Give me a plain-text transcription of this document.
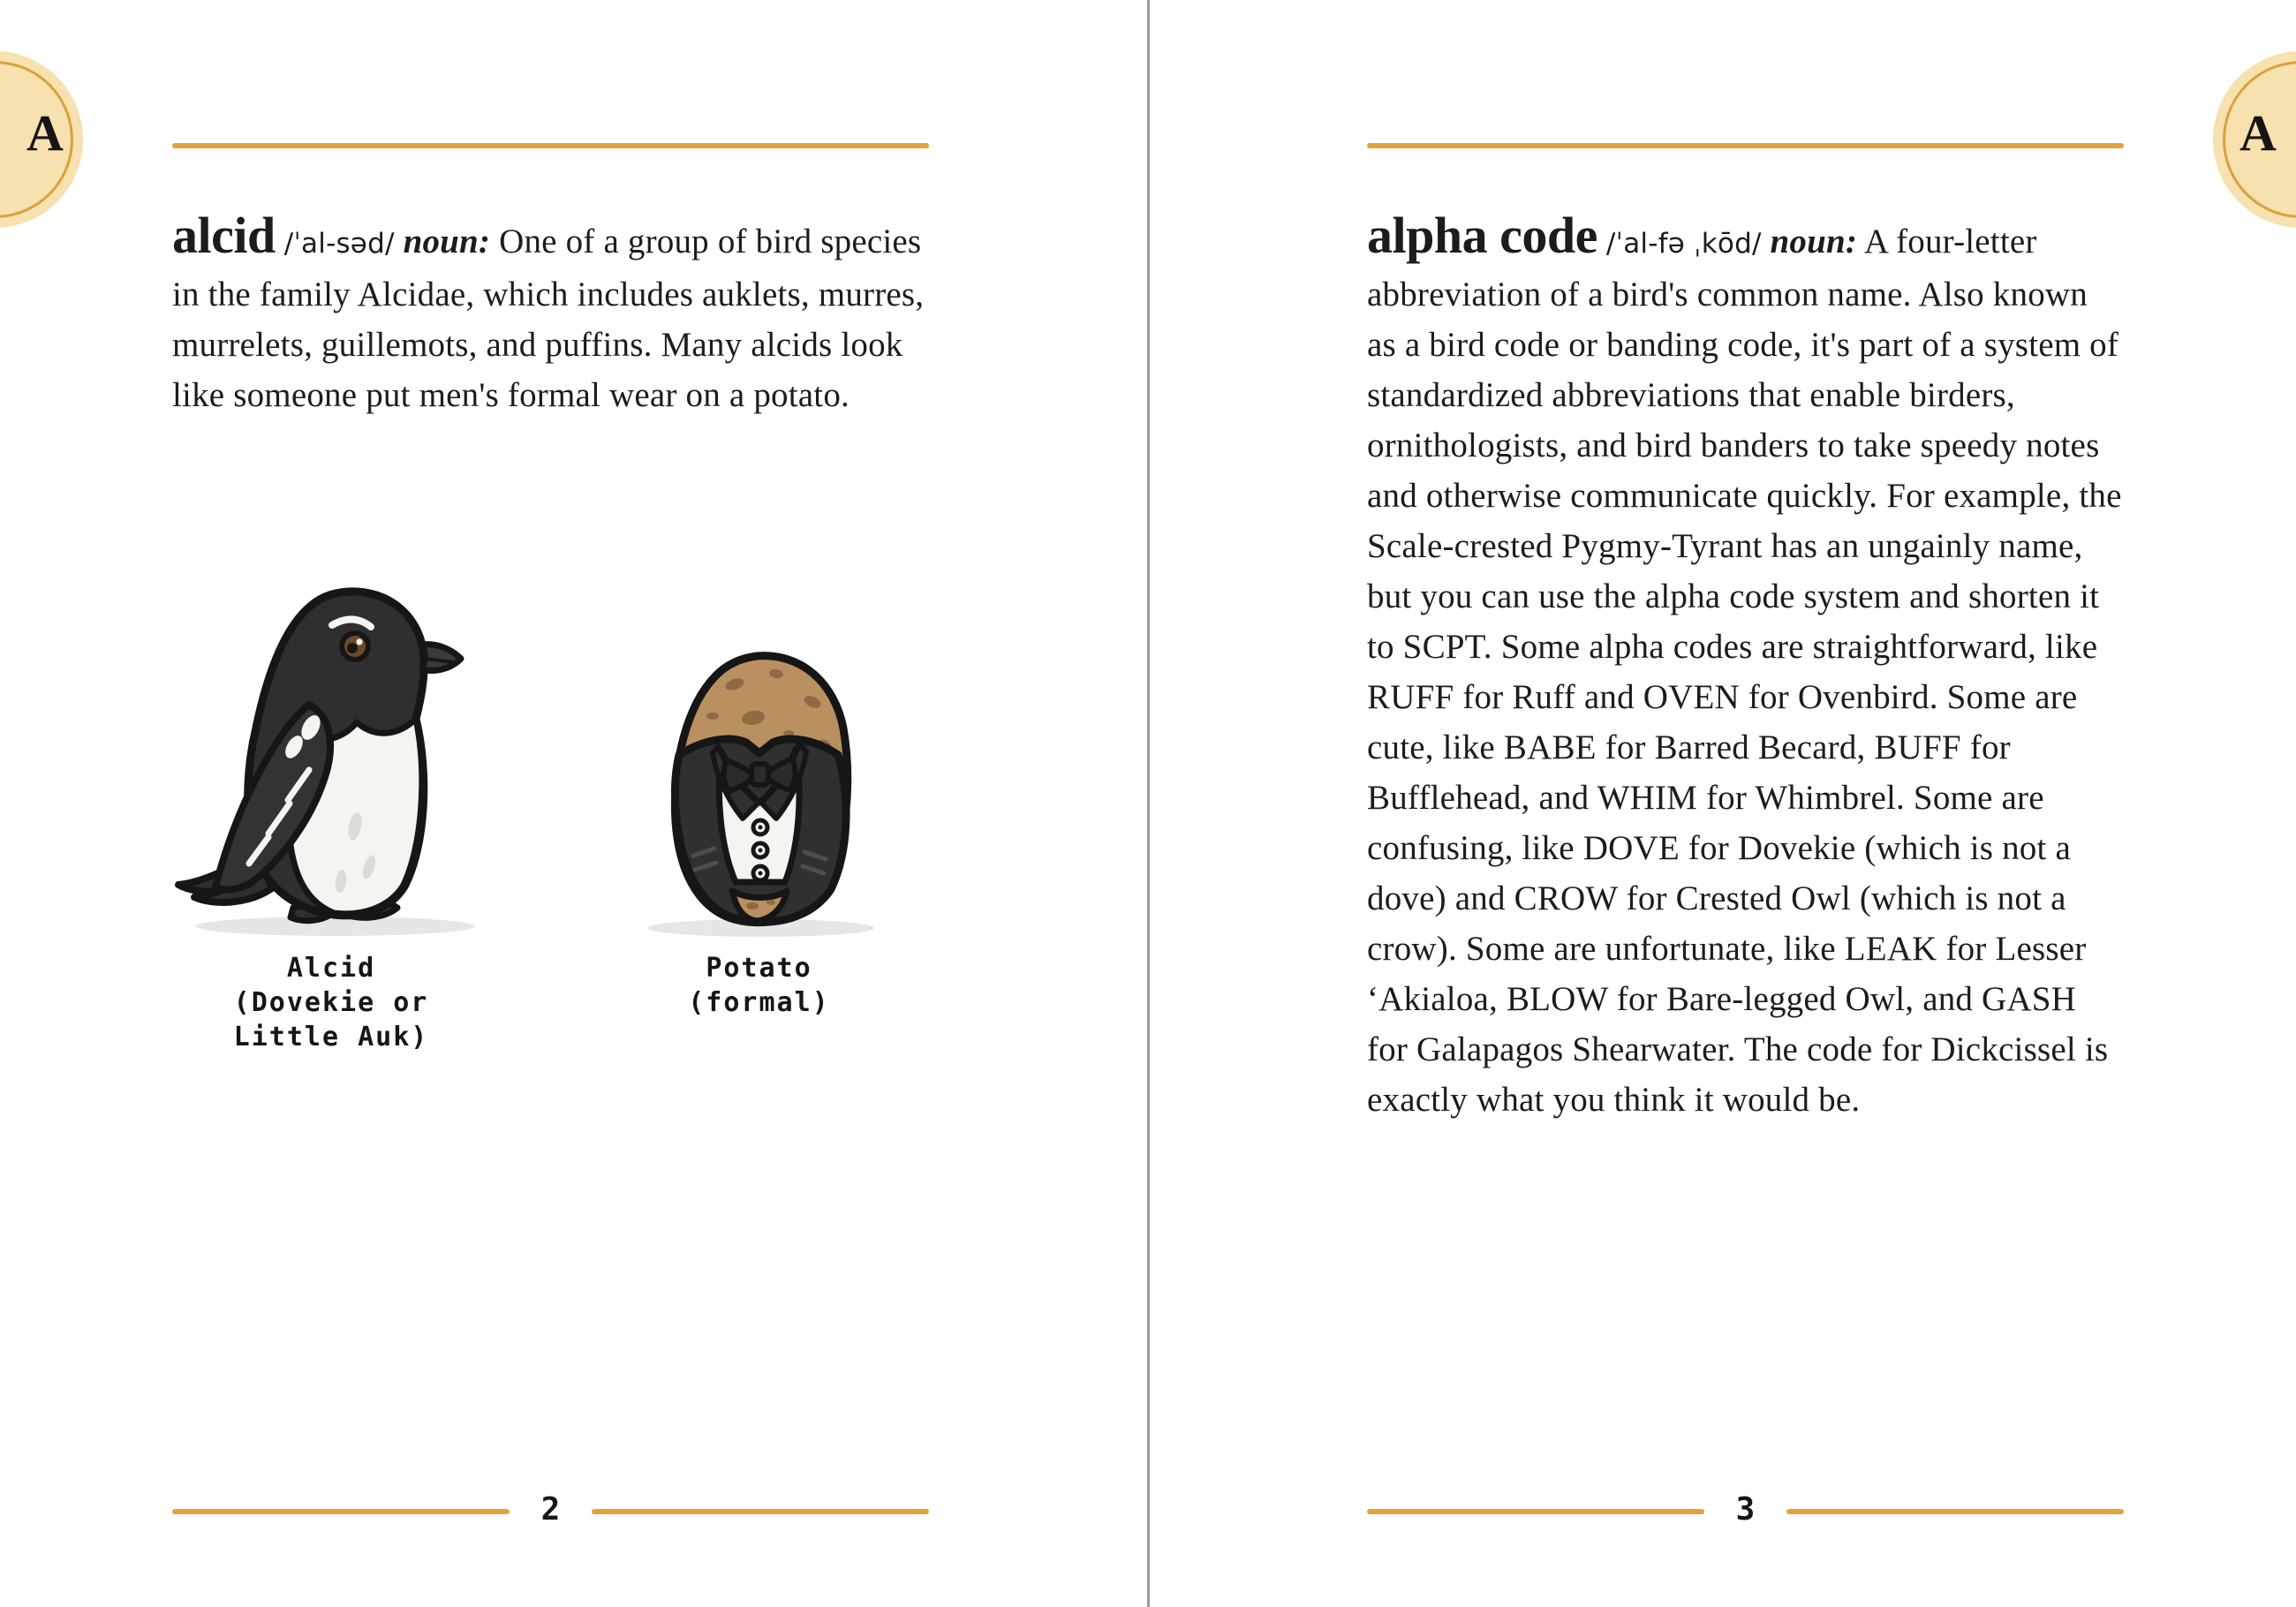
A

alcid /ˈal-səd/ noun: One of a group of bird species in the family Alcidae, which includes auklets, murres, murrelets, guillemots, and puffins. Many alcids look like someone put men's formal wear on a potato.

Alcid
(Dovekie or
Little Auk)
Potato
(formal)
2
A

alpha code /ˈal-fə ˌkōd/ noun: A four-letter abbreviation of a bird's common name. Also known as a bird code or banding code, it's part of a system of standardized abbreviations that enable birders, ornithologists, and bird banders to take speedy notes and otherwise communicate quickly. For example, the Scale-crested Pygmy-Tyrant has an ungainly name, but you can use the alpha code system and shorten it to SCPT. Some alpha codes are straightforward, like RUFF for Ruff and OVEN for Ovenbird. Some are cute, like BABE for Barred Becard, BUFF for Bufflehead, and WHIM for Whimbrel. Some are confusing, like DOVE for Dovekie (which is not a dove) and CROW for Crested Owl (which is not a crow). Some are unfortunate, like LEAK for Lesser ʻAkialoa, BLOW for Bare-legged Owl, and GASH for Galapagos Shearwater. The code for Dickcissel is exactly what you think it would be.

3
